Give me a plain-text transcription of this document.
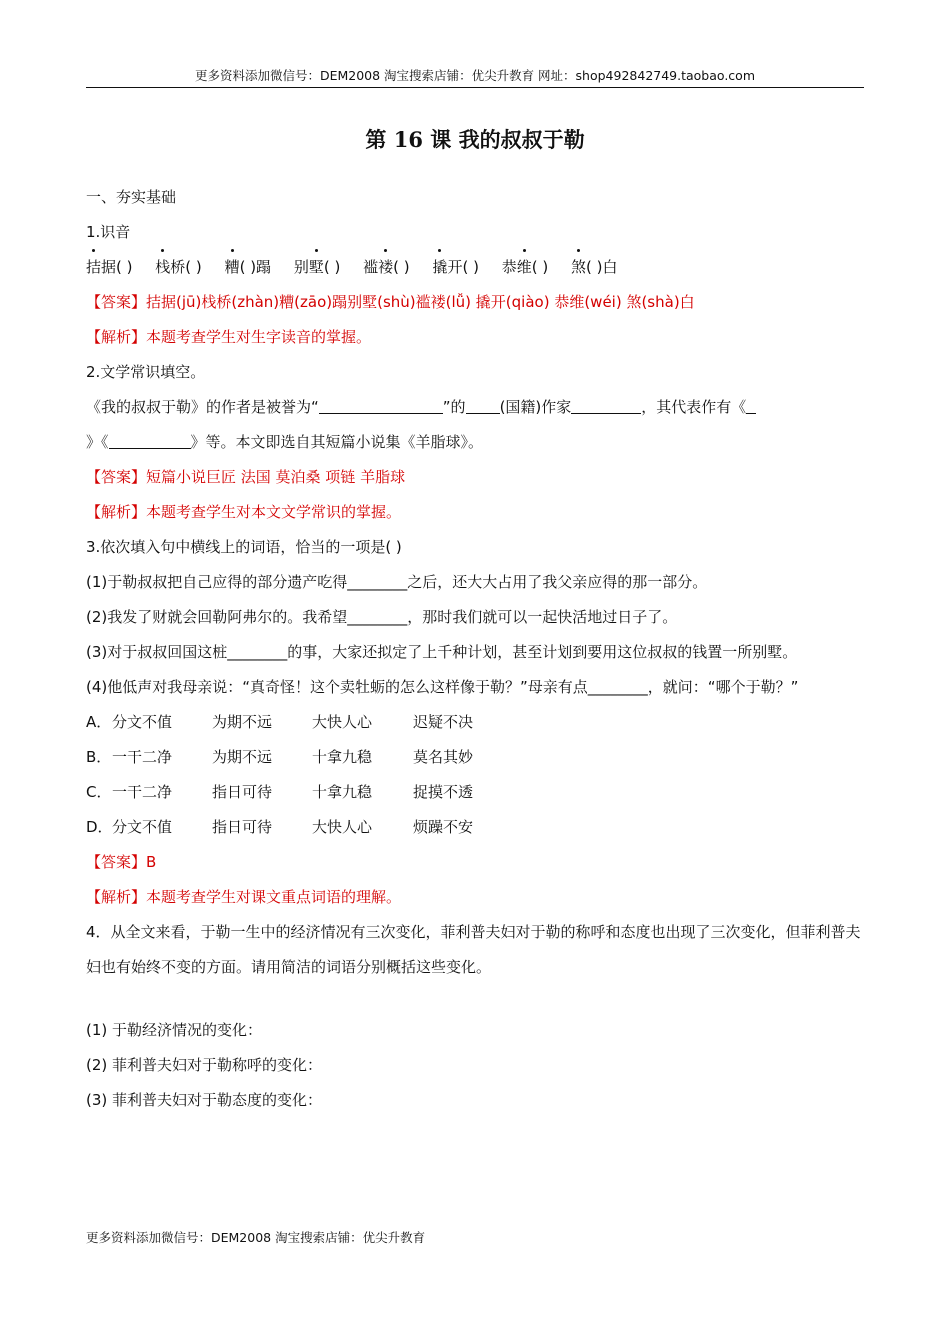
更多资料添加微信号：DEM2008 淘宝搜索店铺：优尖升教育 网址：shop492842749.taobao.com
第 16 课 我的叔叔于勒
一、夯实基础
1.识音
拮据( ) 栈桥( ) 糟( )蹋 别墅( ) 褴褛( ) 撬开( ) 恭维( ) 煞( )白
【答案】拮据(jū)栈桥(zhàn)糟(zāo)蹋别墅(shù)褴褛(lǚ) 撬开(qiào) 恭维(wéi) 煞(shà)白
【解析】本题考查学生对生字读音的掌握。
2.文学常识填空。
《我的叔叔于勒》的作者是被誉为“	”的 (国籍)作家	，其代表作有《
》《	》等。本文即选自其短篇小说集《羊脂球》。
【答案】短篇小说巨匠 法国 莫泊桑 项链 羊脂球
【解析】本题考查学生对本文文学常识的掌握。
3.依次填入句中横线上的词语，恰当的一项是( )
(1)于勒叔叔把自己应得的部分遗产吃得________之后，还大大占用了我父亲应得的那一部分。
(2)我发了财就会回勒阿弗尔的。我希望________，那时我们就可以一起快活地过日子了。
(3)对于叔叔回国这桩________的事，大家还拟定了上千种计划，甚至计划到要用这位叔叔的钱置一所别墅。
(4)他低声对我母亲说：“真奇怪！这个卖牡蛎的怎么这样像于勒？”母亲有点________，就问：“哪个于勒？”
A．分文不值	为期不远	大快人心	迟疑不决
B．一干二净	为期不远	十拿九稳	莫名其妙
C．一干二净	指日可待	十拿九稳	捉摸不透
D．分文不值	指日可待	大快人心	烦躁不安
【答案】B
【解析】本题考查学生对课文重点词语的理解。
4．从全文来看，于勒一生中的经济情况有三次变化，菲利普夫妇对于勒的称呼和态度也出现了三次变化，但菲利普夫妇也有始终不变的方面。请用简洁的词语分别概括这些变化。
(1) 于勒经济情况的变化：
(2) 菲利普夫妇对于勒称呼的变化：
(3) 菲利普夫妇对于勒态度的变化：
更多资料添加微信号：DEM2008 淘宝搜索店铺：优尖升教育
